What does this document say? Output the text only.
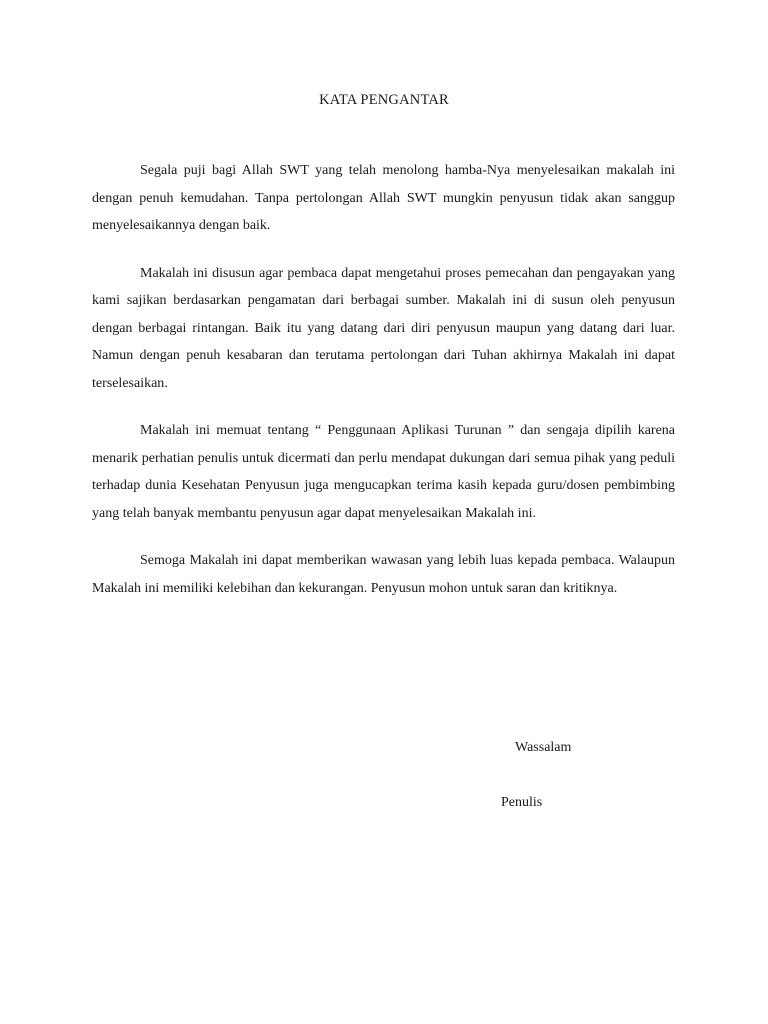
KATA PENGANTAR

Segala puji bagi Allah SWT yang telah menolong hamba-Nya menyelesaikan makalah ini dengan penuh kemudahan. Tanpa pertolongan Allah SWT mungkin penyusun tidak akan sanggup menyelesaikannya dengan baik.

Makalah ini disusun agar pembaca dapat mengetahui proses pemecahan dan pengayakan yang kami sajikan berdasarkan pengamatan dari berbagai sumber. Makalah ini di susun oleh penyusun dengan berbagai rintangan. Baik itu yang datang dari diri penyusun maupun yang datang dari luar. Namun dengan penuh kesabaran dan terutama pertolongan dari Tuhan akhirnya Makalah ini dapat terselesaikan.

Makalah ini memuat tentang “ Penggunaan Aplikasi Turunan ” dan sengaja dipilih karena menarik perhatian penulis untuk dicermati dan perlu mendapat dukungan dari semua pihak yang peduli terhadap dunia Kesehatan Penyusun juga mengucapkan terima kasih kepada guru/dosen pembimbing yang telah banyak membantu penyusun agar dapat menyelesaikan Makalah ini.

Semoga Makalah ini dapat memberikan wawasan yang lebih luas kepada pembaca. Walaupun Makalah ini memiliki kelebihan dan kekurangan. Penyusun mohon untuk saran dan kritiknya.

Wassalam
Penulis
